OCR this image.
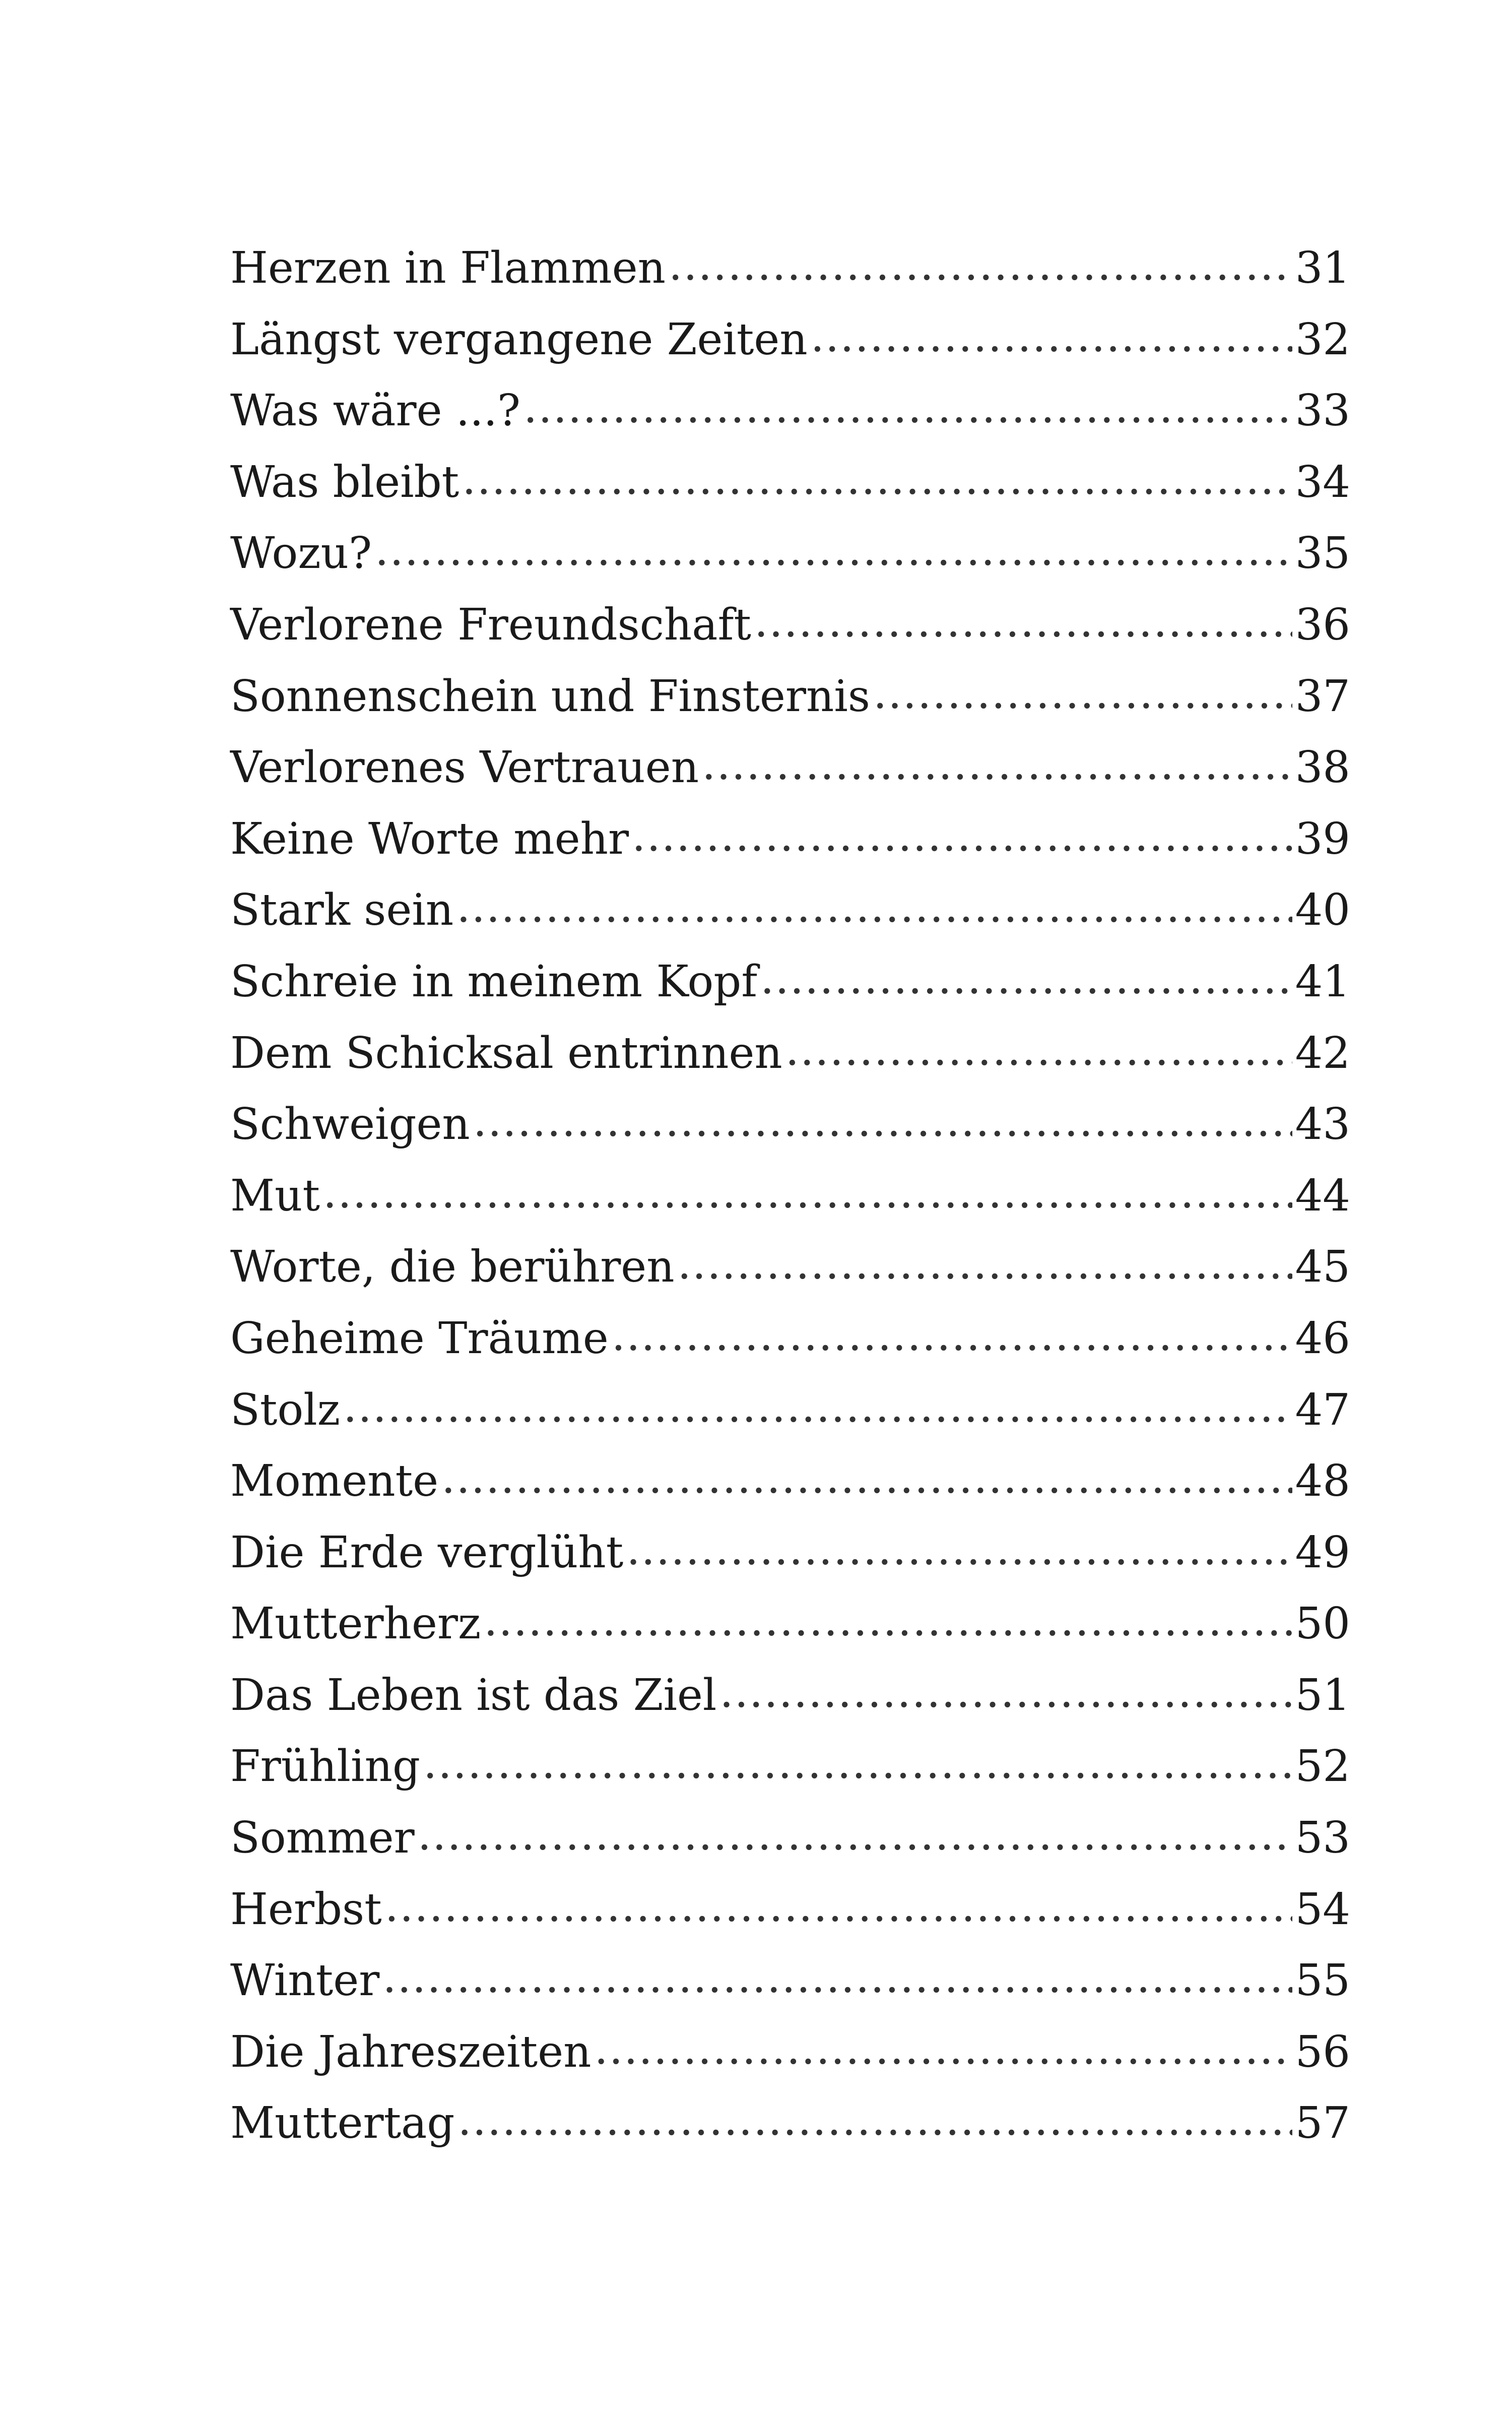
Herzen in Flammen .....	31
Längst vergangene Zeiten .....	32
Was wäre ...? .....	33
Was bleibt .....	34
Wozu? .....	35
Verlorene Freundschaft .....	36
Sonnenschein und Finsternis .....	37
Verlorenes Vertrauen .....	38
Keine Worte mehr .....	39
Stark sein .....	40
Schreie in meinem Kopf .....	41
Dem Schicksal entrinnen .....	42
Schweigen .....	43
Mut .....	44
Worte, die berühren .....	45
Geheime Träume .....	46
Stolz .....	47
Momente .....	48
Die Erde verglüht .....	49
Mutterherz .....	50
Das Leben ist das Ziel .....	51
Frühling .....	52
Sommer .....	53
Herbst .....	54
Winter .....	55
Die Jahreszeiten .....	56
Muttertag .....	57
